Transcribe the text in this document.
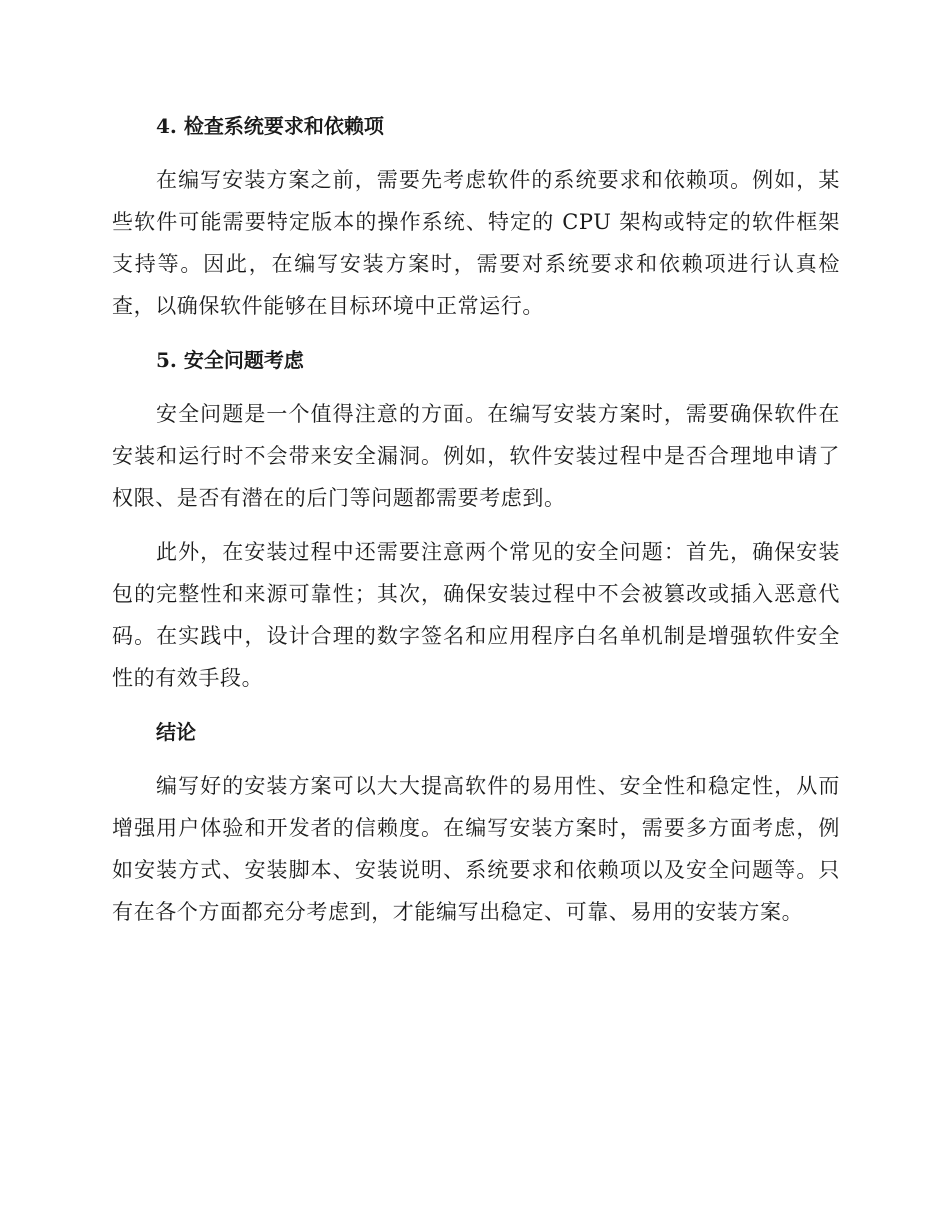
4. 检查系统要求和依赖项

在编写安装方案之前，需要先考虑软件的系统要求和依赖项。例如，某些软件可能需要特定版本的操作系统、特定的 CPU 架构或特定的软件框架支持等。因此，在编写安装方案时，需要对系统要求和依赖项进行认真检查，以确保软件能够在目标环境中正常运行。

5. 安全问题考虑

安全问题是一个值得注意的方面。在编写安装方案时，需要确保软件在安装和运行时不会带来安全漏洞。例如，软件安装过程中是否合理地申请了权限、是否有潜在的后门等问题都需要考虑到。

此外，在安装过程中还需要注意两个常见的安全问题：首先，确保安装包的完整性和来源可靠性；其次，确保安装过程中不会被篡改或插入恶意代码。在实践中，设计合理的数字签名和应用程序白名单机制是增强软件安全性的有效手段。

结论

编写好的安装方案可以大大提高软件的易用性、安全性和稳定性，从而增强用户体验和开发者的信赖度。在编写安装方案时，需要多方面考虑，例如安装方式、安装脚本、安装说明、系统要求和依赖项以及安全问题等。只有在各个方面都充分考虑到，才能编写出稳定、可靠、易用的安装方案。
